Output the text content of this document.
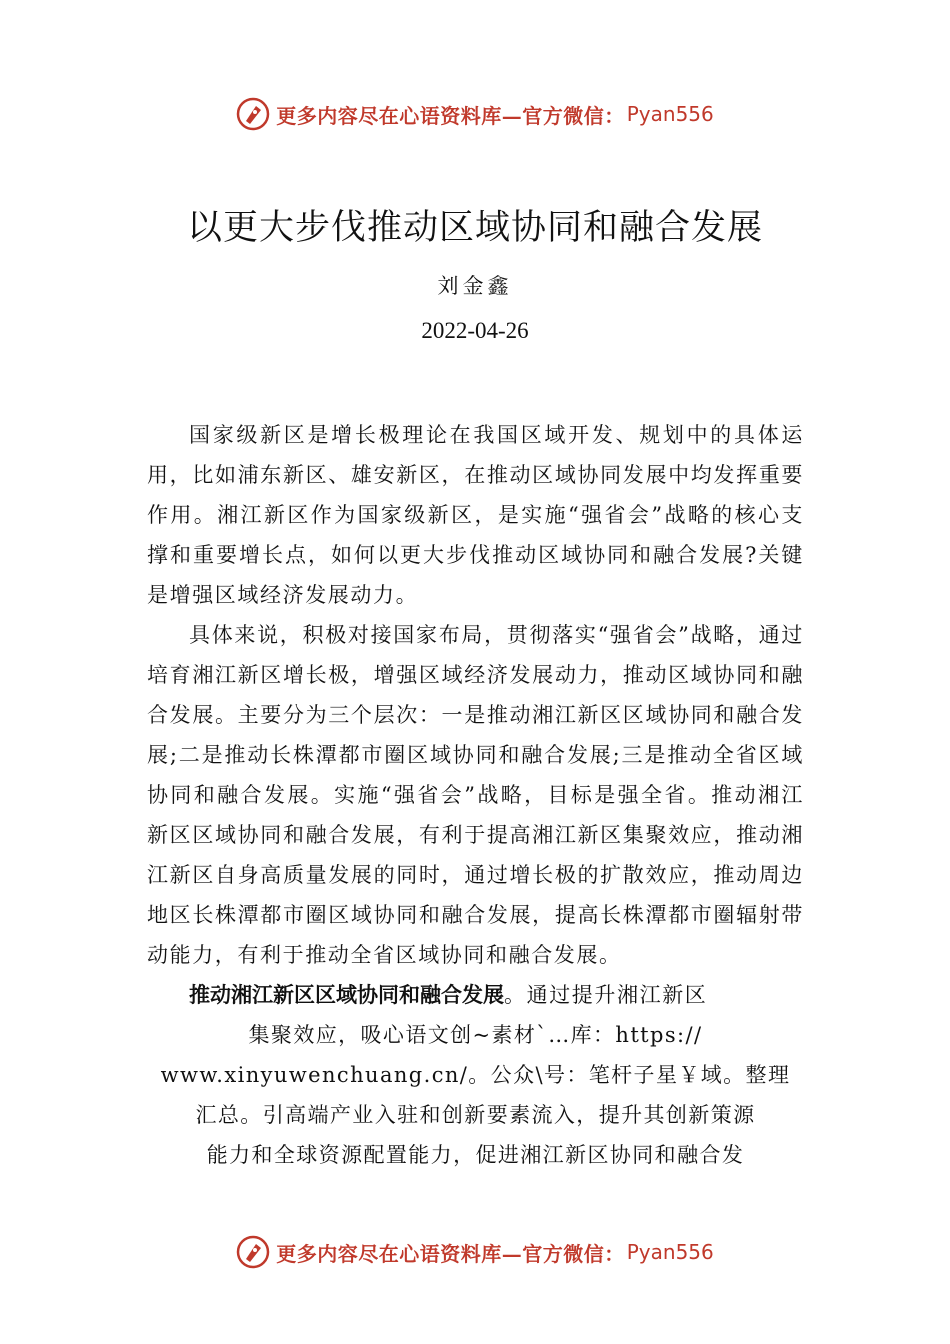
更多内容尽在心语资料库—官方微信： Pyan556
以更大步伐推动区域协同和融合发展
刘金鑫
2022-04-26

国家级新区是增长极理论在我国区域开发、规划中的具体运用，比如浦东新区、雄安新区，在推动区域协同发展中均发挥重要作用。湘江新区作为国家级新区，是实施“强省会”战略的核心支撑和重要增长点，如何以更大步伐推动区域协同和融合发展?关键是增强区域经济发展动力。

具体来说，积极对接国家布局，贯彻落实“强省会”战略，通过培育湘江新区增长极，增强区域经济发展动力，推动区域协同和融合发展。主要分为三个层次：一是推动湘江新区区域协同和融合发展;二是推动长株潭都市圈区域协同和融合发展;三是推动全省区域协同和融合发展。实施“强省会”战略，目标是强全省。推动湘江新区区域协同和融合发展，有利于提高湘江新区集聚效应，推动湘江新区自身高质量发展的同时，通过增长极的扩散效应，推动周边地区长株潭都市圈区域协同和融合发展，提高长株潭都市圈辐射带动能力，有利于推动全省区域协同和融合发展。

推动湘江新区区域协同和融合发展。通过提升湘江新区

集聚效应，吸心语文创~素材`…库：https://
www.xinyuwenchuang.cn/。公众\号：笔杆子星￥域。整理
汇总。引高端产业入驻和创新要素流入，提升其创新策源
能力和全球资源配置能力，促进湘江新区协同和融合发
更多内容尽在心语资料库—官方微信： Pyan556
